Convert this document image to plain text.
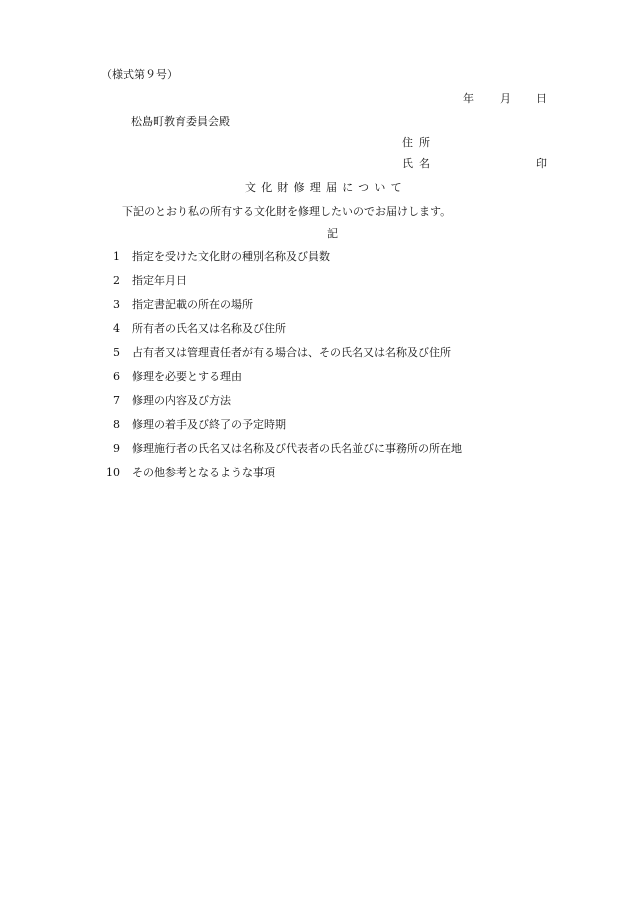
（様式第９号）
年 月 日
松島町教育委員会殿
住所
氏名	印
文化財修理届について
下記のとおり私の所有する文化財を修理したいのでお届けします。
記
1 指定を受けた文化財の種別名称及び員数
2 指定年月日
3 指定書記載の所在の場所
4 所有者の氏名又は名称及び住所
5 占有者又は管理責任者が有る場合は、その氏名又は名称及び住所
6 修理を必要とする理由
7 修理の内容及び方法
8 修理の着手及び終了の予定時期
9 修理施行者の氏名又は名称及び代表者の氏名並びに事務所の所在地
10 その他参考となるような事項
